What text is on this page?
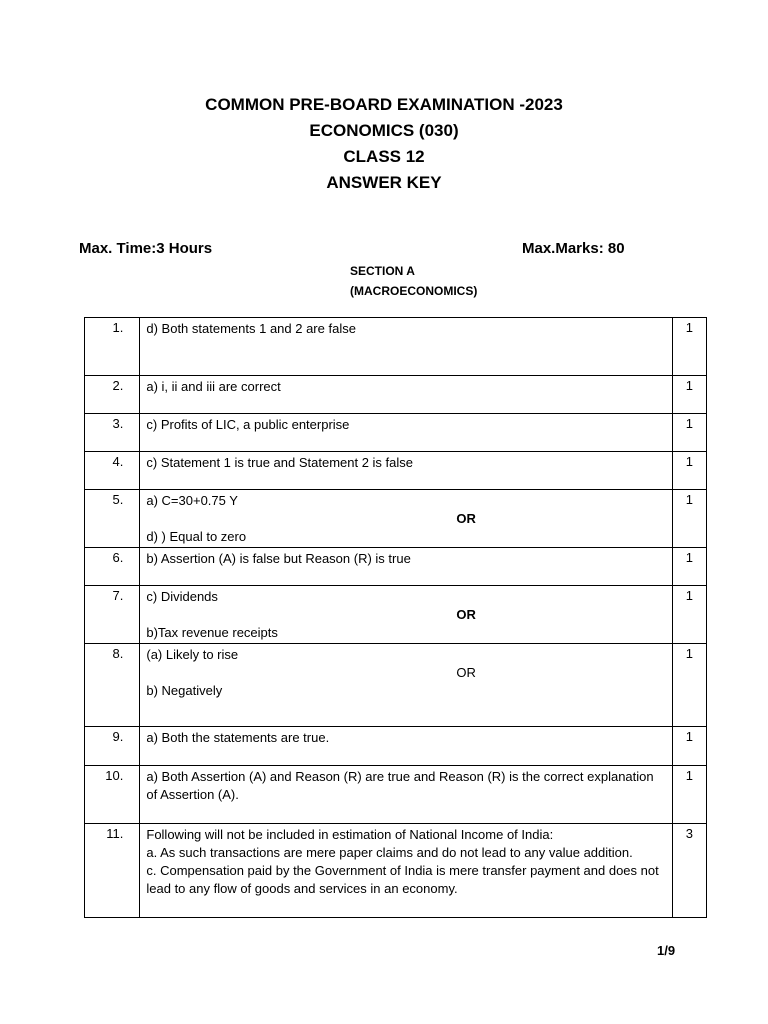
COMMON PRE-BOARD EXAMINATION -2023
ECONOMICS (030)
CLASS 12
ANSWER KEY
Max. Time:3 Hours	Max.Marks: 80
SECTION A
(MACROECONOMICS)
1.	d) Both statements 1 and 2 are false	1
2.	a) i, ii and iii are correct	1
3.	c) Profits of LIC, a public enterprise	1
4.	c) Statement 1 is true and Statement 2 is false	1
5.	a) C=30+0.75 Y
OR
d) ) Equal to zero	1
6.	b) Assertion (A) is false but Reason (R) is true	1
7.	c) Dividends
OR
b)Tax revenue receipts	1
8.	(a) Likely to rise
OR
b) Negatively	1
9.	a) Both the statements are true.	1
10.	a) Both Assertion (A) and Reason (R) are true and Reason (R) is the correct explanation of Assertion (A).	1
11.	Following will not be included in estimation of National Income of India:
a. As such transactions are mere paper claims and do not lead to any value addition.
c. Compensation paid by the Government of India is mere transfer payment and does not lead to any flow of goods and services in an economy.	3
1/9
